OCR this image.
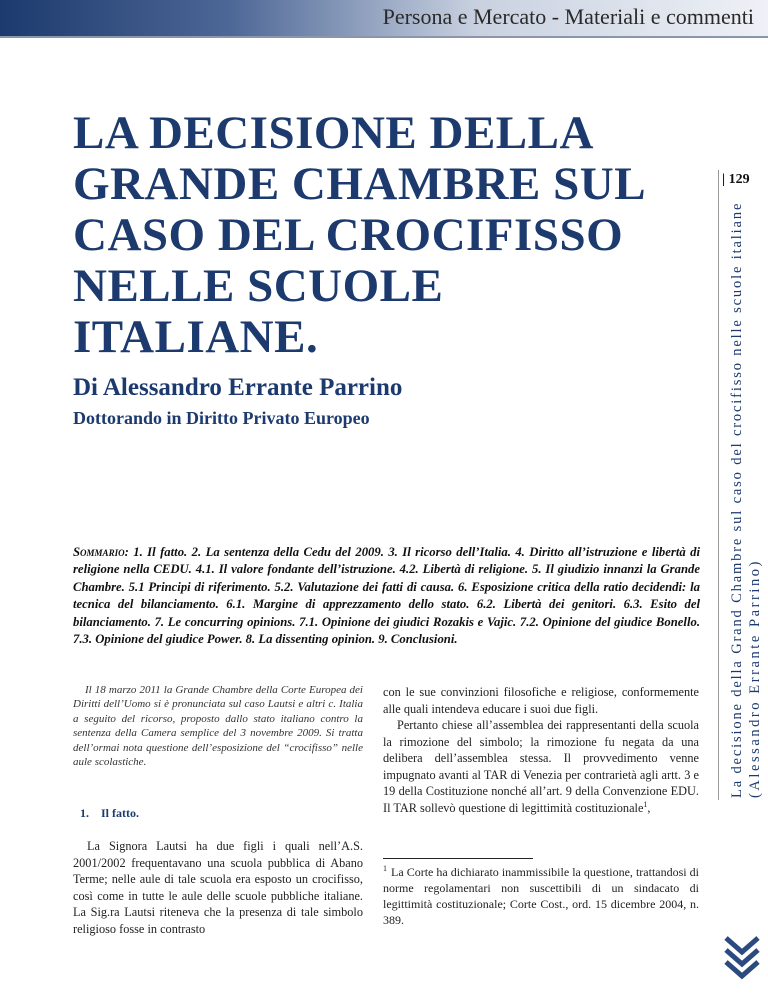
Persona e Mercato - Materiali e commenti
| 129
La decisione della Grand Chambre sul caso del crocifisso nelle scuole italiane
(Alessandro Errante Parrino)
LA DECISIONE DELLA GRANDE CHAMBRE SUL CASO DEL CROCIFISSO NELLE SCUOLE ITALIANE.
Di Alessandro Errante Parrino
Dottorando in Diritto Privato Europeo

Sommario: 1. Il fatto. 2. La sentenza della Cedu del 2009. 3. Il ricorso dell’Italia. 4. Diritto all’istruzione e libertà di religione nella CEDU. 4.1. Il valore fondante dell’istruzione. 4.2. Libertà di religione. 5. Il giudizio innanzi la Grande Chambre. 5.1 Principi di riferimento. 5.2. Valutazione dei fatti di causa. 6. Esposizione critica della ratio decidendi: la tecnica del bilanciamento. 6.1. Margine di apprezzamento dello stato. 6.2. Libertà dei genitori. 6.3. Esito del bilanciamento. 7. Le concurring opinions. 7.1. Opinione dei giudici Rozakis e Vajic. 7.2. Opinione del giudice Bonello. 7.3. Opinione del giudice Power. 8. La dissenting opinion. 9. Conclusioni.

Il 18 marzo 2011 la Grande Chambre della Corte Europea dei Diritti dell’Uomo si è pronunciata sul caso Lautsi e altri c. Italia a seguito del ricorso, proposto dallo stato italiano contro la sentenza della Camera semplice del 3 novembre 2009. Si tratta dell’ormai nota questione dell’esposizione del “crocifisso” nelle aule scolastiche.

1. Il fatto.

La Signora Lautsi ha due figli i quali nell’A.S. 2001/2002 frequentavano una scuola pubblica di Abano Terme; nelle aule di tale scuola era esposto un crocifisso, così come in tutte le aule delle scuole pubbliche italiane. La Sig.ra Lautsi riteneva che la presenza di tale simbolo religioso fosse in contrasto

con le sue convinzioni filosofiche e religiose, conformemente alle quali intendeva educare i suoi due figli.

Pertanto chiese all’assemblea dei rappresentanti della scuola la rimozione del simbolo; la rimozione fu negata da una delibera dell’assemblea stessa. Il provvedimento venne impugnato avanti al TAR di Venezia per contrarietà agli artt. 3 e 19 della Costituzione nonché all’art. 9 della Convenzione EDU. Il TAR sollevò questione di legittimità costituzionale$^1$,

$^1$ La Corte ha dichiarato inammissibile la questione, trattandosi di norme regolamentari non suscettibili di un sindacato di legittimità costituzionale; Corte Cost., ord. 15 dicembre 2004, n. 389.
